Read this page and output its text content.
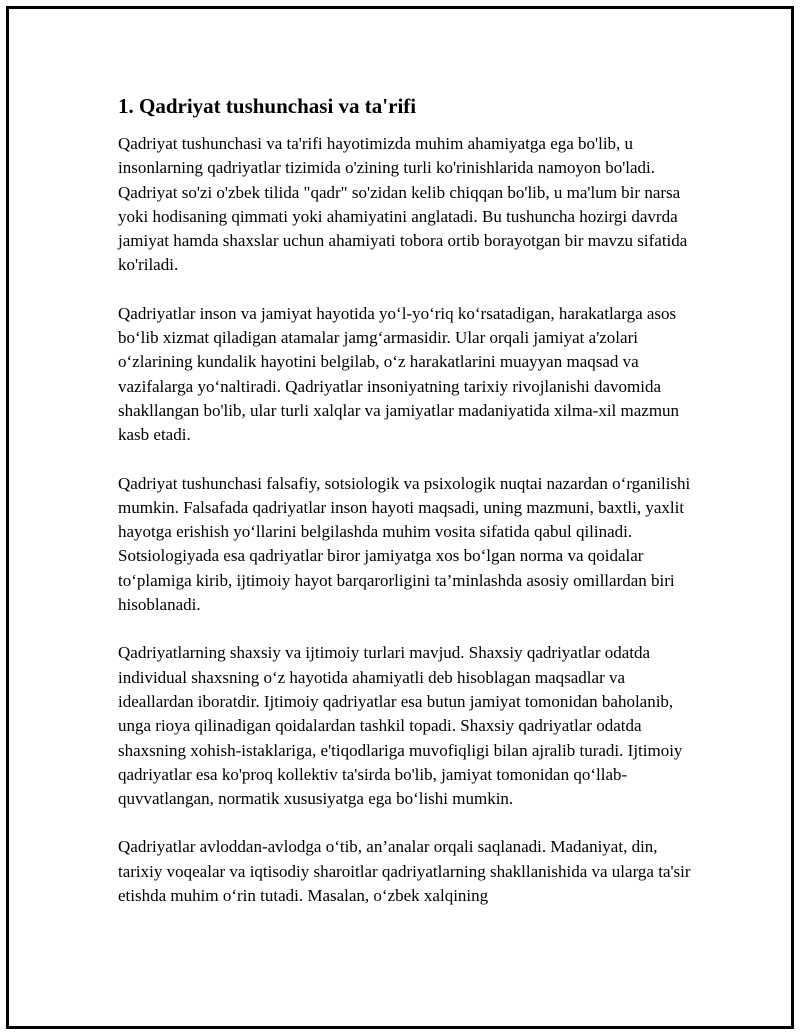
1. Qadriyat tushunchasi va ta'rifi

Qadriyat tushunchasi va ta'rifi hayotimizda muhim ahamiyatga ega bo'lib, u insonlarning qadriyatlar tizimida o'zining turli ko'rinishlarida namoyon bo'ladi. Qadriyat so'zi o'zbek tilida "qadr" so'zidan kelib chiqqan bo'lib, u ma'lum bir narsa yoki hodisaning qimmati yoki ahamiyatini anglatadi. Bu tushuncha hozirgi davrda jamiyat hamda shaxslar uchun ahamiyati tobora ortib borayotgan bir mavzu sifatida ko'riladi.

Qadriyatlar inson va jamiyat hayotida yo‘l-yo‘riq ko‘rsatadigan, harakatlarga asos bo‘lib xizmat qiladigan atamalar jamg‘armasidir. Ular orqali jamiyat a'zolari o‘zlarining kundalik hayotini belgilab, o‘z harakatlarini muayyan maqsad va vazifalarga yo‘naltiradi. Qadriyatlar insoniyatning tarixiy rivojlanishi davomida shakllangan bo'lib, ular turli xalqlar va jamiyatlar madaniyatida xilma-xil mazmun kasb etadi.

Qadriyat tushunchasi falsafiy, sotsiologik va psixologik nuqtai nazardan o‘rganilishi mumkin. Falsafada qadriyatlar inson hayoti maqsadi, uning mazmuni, baxtli, yaxlit hayotga erishish yo‘llarini belgilashda muhim vosita sifatida qabul qilinadi. Sotsiologiyada esa qadriyatlar biror jamiyatga xos bo‘lgan norma va qoidalar to‘plamiga kirib, ijtimoiy hayot barqarorligini ta’minlashda asosiy omillardan biri hisoblanadi.

Qadriyatlarning shaxsiy va ijtimoiy turlari mavjud. Shaxsiy qadriyatlar odatda individual shaxsning o‘z hayotida ahamiyatli deb hisoblagan maqsadlar va ideallardan iboratdir. Ijtimoiy qadriyatlar esa butun jamiyat tomonidan baholanib, unga rioya qilinadigan qoidalardan tashkil topadi. Shaxsiy qadriyatlar odatda shaxsning xohish-istaklariga, e'tiqodlariga muvofiqligi bilan ajralib turadi. Ijtimoiy qadriyatlar esa ko'proq kollektiv ta'sirda bo'lib, jamiyat tomonidan qo‘llab-quvvatlangan, normatik xususiyatga ega bo‘lishi mumkin.

Qadriyatlar avloddan-avlodga o‘tib, an’analar orqali saqlanadi. Madaniyat, din, tarixiy voqealar va iqtisodiy sharoitlar qadriyatlarning shakllanishida va ularga ta'sir etishda muhim o‘rin tutadi. Masalan, o‘zbek xalqining
